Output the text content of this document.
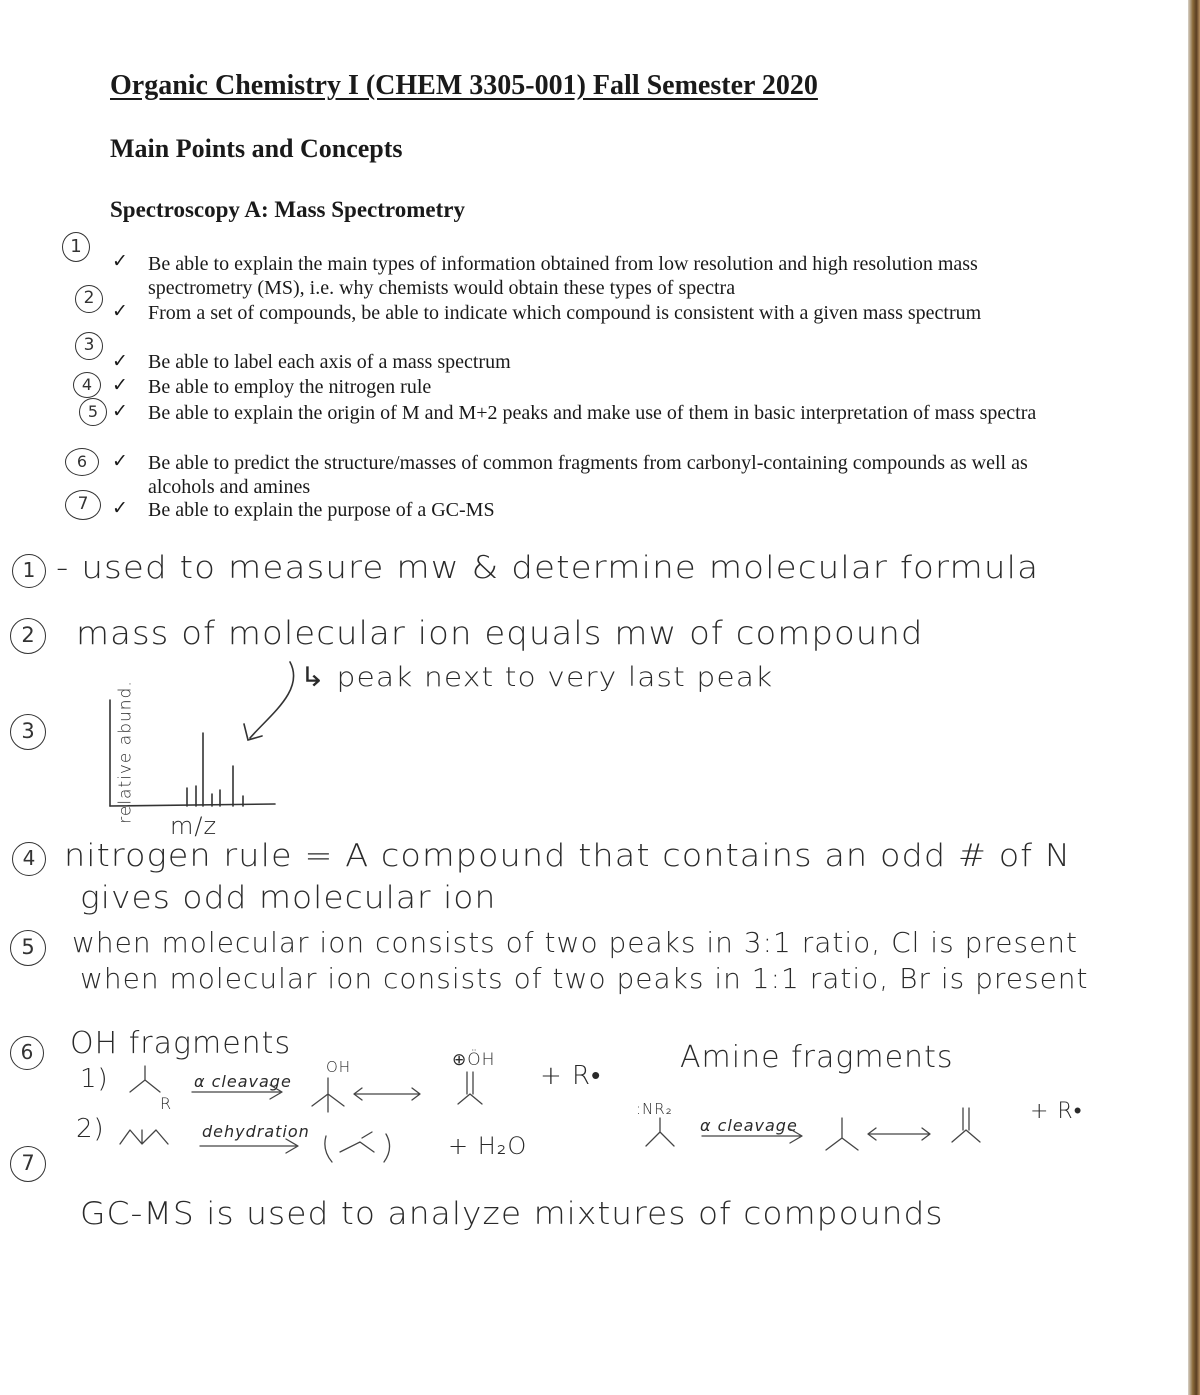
Organic Chemistry I (CHEM 3305-001) Fall Semester 2020
Main Points and Concepts
Spectroscopy A: Mass Spectrometry
✓ Be able to explain the main types of information obtained from low resolution and high resolution mass spectrometry (MS), i.e. why chemists would obtain these types of spectra
✓ From a set of compounds, be able to indicate which compound is consistent with a given mass spectrum
✓ Be able to label each axis of a mass spectrum
✓ Be able to employ the nitrogen rule
✓ Be able to explain the origin of M and M+2 peaks and make use of them in basic interpretation of mass spectra
✓ Be able to predict the structure/masses of common fragments from carbonyl-containing compounds as well as alcohols and amines
✓ Be able to explain the purpose of a GC-MS
1
2
3
4
5
6
7
1 - used to measure mw & determine molecular formula
2	mass of molecular ion equals mw of compound
↳ peak next to very last peak
3	relative abund.
m/z
4 nitrogen rule = A compound that contains an odd # of N
gives odd molecular ion
5	when molecular ion consists of two peaks in 3:1 ratio, Cl is present
when molecular ion consists of two peaks in 1:1 ratio, Br is present
6	OH fragments	Amine fragments
1)
2)
α cleavage
dehydration	α cleavage
+ R•
+ H₂O
+ R•
OH	⊕ÖH
:NR₂
R
7
GC-MS is used to analyze mixtures of compounds
